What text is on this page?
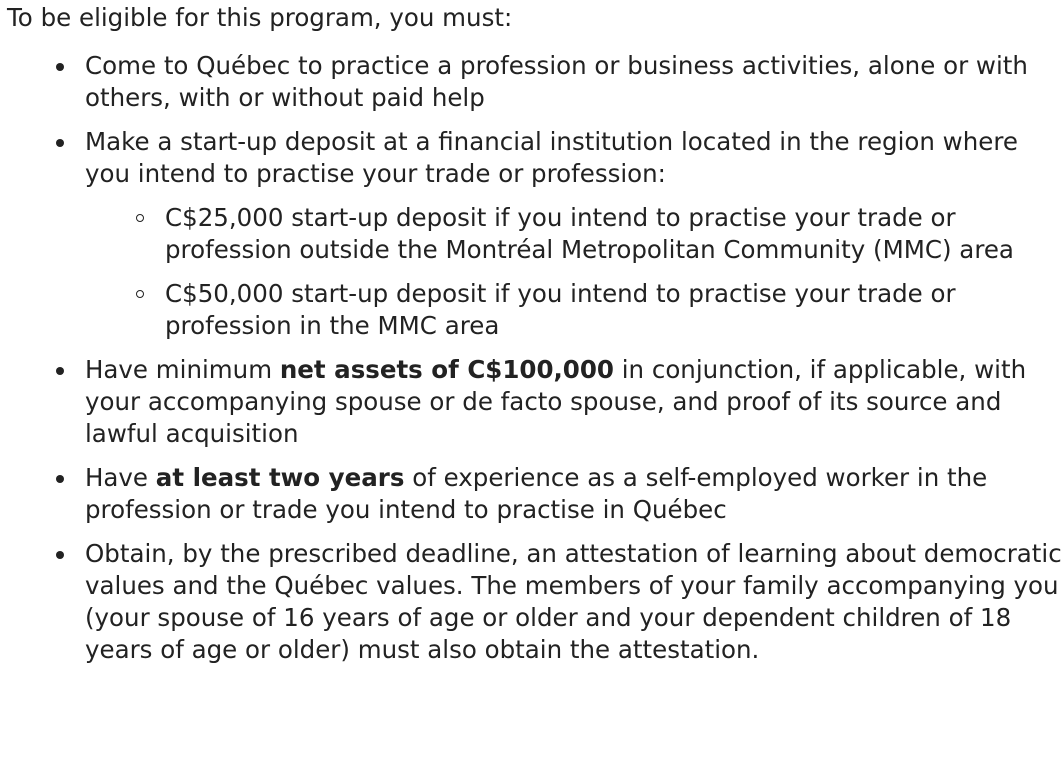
To be eligible for this program, you must:

Come to Québec to practice a profession or business activities, alone or with others, with or without paid help
Make a start-up deposit at a financial institution located in the region where you intend to practise your trade or profession:
C$25,000 start-up deposit if you intend to practise your trade or profession outside the Montréal Metropolitan Community (MMC) area
C$50,000 start-up deposit if you intend to practise your trade or profession in the MMC area
Have minimum net assets of C$100,000 in conjunction, if applicable, with your accompanying spouse or de facto spouse, and proof of its source and lawful acquisition
Have at least two years of experience as a self-employed worker in the profession or trade you intend to practise in Québec
Obtain, by the prescribed deadline, an attestation of learning about democratic values and the Québec values. The members of your family accompanying you (your spouse of 16 years of age or older and your dependent children of 18 years of age or older) must also obtain the attestation.
